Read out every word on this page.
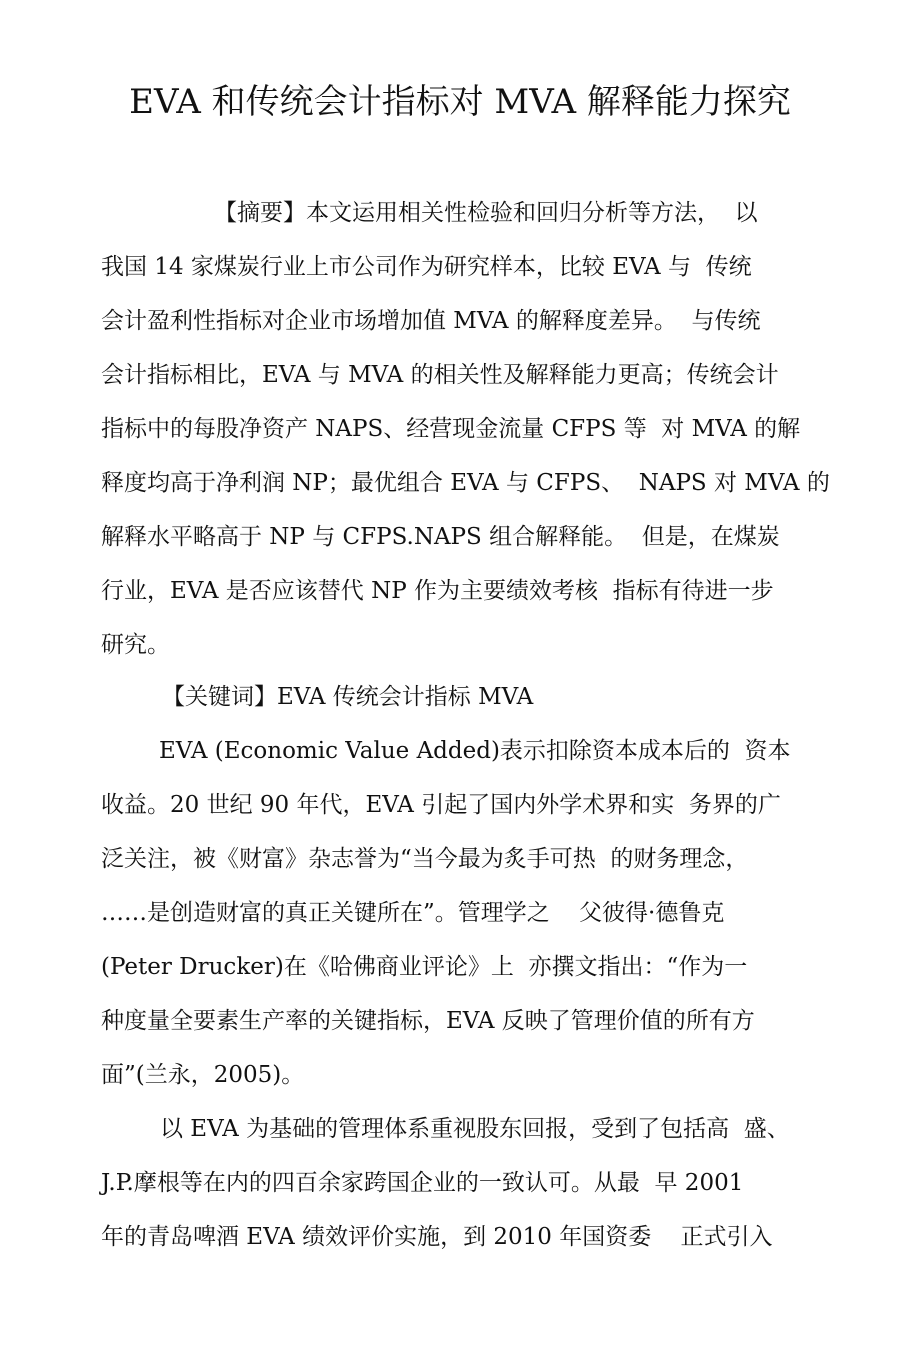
EVA 和传统会计指标对 MVA 解释能力探究
【摘要】本文运用相关性检验和回归分析等方法，  以
我国 14 家煤炭行业上市公司作为研究样本，比较 EVA 与  传统
会计盈利性指标对企业市场增加值 MVA 的解释度差异。  与传统
会计指标相比，EVA 与 MVA 的相关性及解释能力更高；传统会计
指标中的每股净资产 NAPS、经营现金流量 CFPS 等  对 MVA 的解
释度均高于净利润 NP；最优组合 EVA 与 CFPS、  NAPS 对 MVA 的
解释水平略高于 NP 与 CFPS.NAPS 组合解释能。  但是，在煤炭
行业，EVA 是否应该替代 NP 作为主要绩效考核  指标有待进一步
研究。
【关键词】EVA 传统会计指标 MVA
EVA (Economic Value Added)表示扣除资本成本后的  资本
收益。20 世纪 90 年代，EVA 引起了国内外学术界和实  务界的广
泛关注，被《财富》杂志誉为“当今最为炙手可热  的财务理念，
……是创造财富的真正关键所在”。管理学之    父彼得·德鲁克
(Peter Drucker)在《哈佛商业评论》上  亦撰文指出：“作为一
种度量全要素生产率的关键指标，EVA 反映了管理价值的所有方
面”(兰永，2005)。
以 EVA 为基础的管理体系重视股东回报，受到了包括高  盛、
J.P.摩根等在内的四百余家跨国企业的一致认可。从最  早 2001
年的青岛啤酒 EVA 绩效评价实施，到 2010 年国资委    正式引入
